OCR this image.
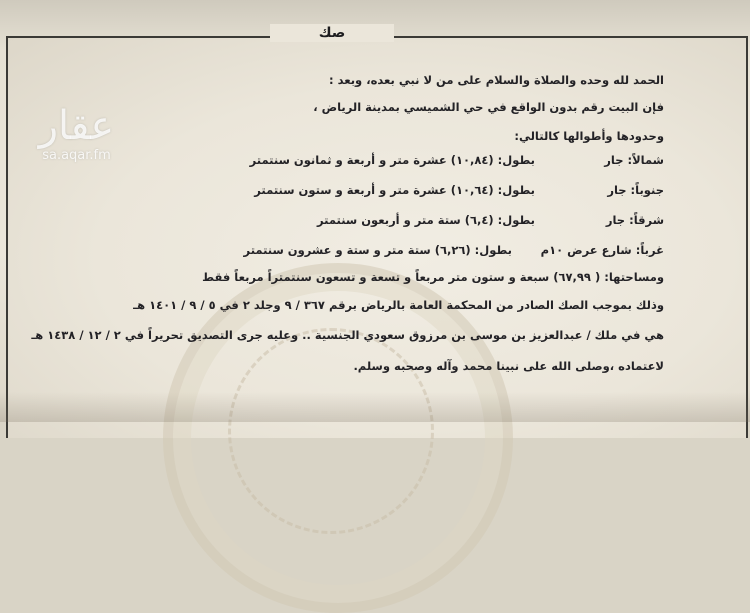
صك
الحمد لله وحده والصلاة والسلام على من لا نبي بعده، وبعد :
فإن البيت رقم بدون الواقع في حي الشميسي بمدينة الرياض ،
وحدودها وأطوالها كالتالي:
شمالاً: جار
بطول: (١٠,٨٤) عشرة متر و أربعة و ثمانون سنتمتر
جنوباً: جار
بطول: (١٠,٦٤) عشرة متر و أربعة و ستون سنتمتر
شرقاً: جار
بطول: (٦,٤) ستة متر و أربعون سنتمتر
غرباً: شارع عرض ١٠م
بطول: (٦,٢٦) ستة متر و ستة و عشرون سنتمتر
ومساحتها: ( ٦٧,٩٩) سبعة و ستون متر مربعاً و تسعة و تسعون سنتمتراً مربعاً فقط
وذلك بموجب الصك الصادر من المحكمة العامة بالرياض برقم ٣٦٧ / ٩ وجلد ٢ في ٥ / ٩ / ١٤٠١ هـ
هي في ملك / عبدالعزيز بن موسى بن مرزوق سعودي الجنسية .. وعليه جرى التصديق تحريراً في ٢ / ١٢ / ١٤٣٨ هـ
لاعتماده ،وصلى الله على نبينا محمد وآله وصحبه وسلم.
عقار
sa.aqar.fm
